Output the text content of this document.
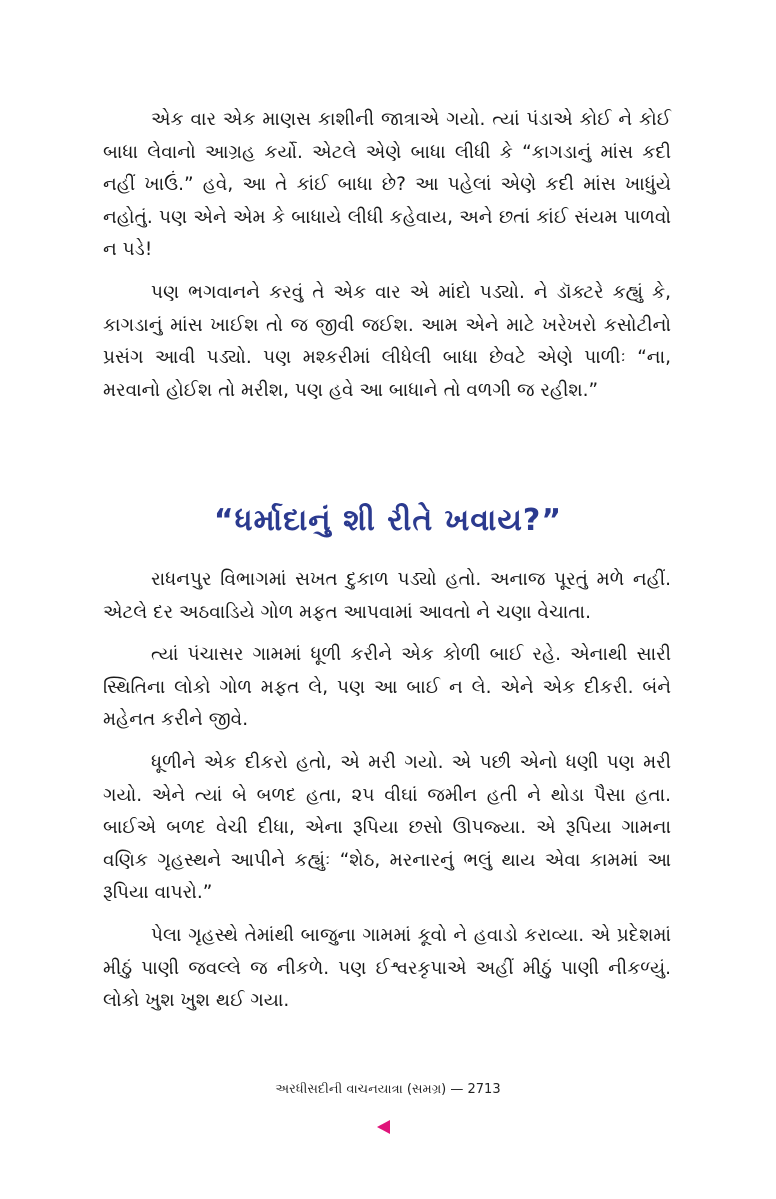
એક વાર એક માણસ કાશીની જાત્રાએ ગયો. ત્યાં પંડાએ કોઈ ને કોઈ બાધા લેવાનો આગ્રહ કર્યો. એટલે એણે બાધા લીધી કે “કાગડાનું માંસ કદી નહીં ખાઉં.” હવે, આ તે કાંઈ બાધા છે? આ પહેલાં એણે કદી માંસ ખાધુંયે નહોતું. પણ એને એમ કે બાધાયે લીધી કહેવાય, અને છતાં કાંઈ સંયમ પાળવો ન પડે!

પણ ભગવાનને કરવું તે એક વાર એ માંદો પડ્યો. ને ડૉક્ટરે કહ્યું કે, કાગડાનું માંસ ખાઈશ તો જ જીવી જઈશ. આમ એને માટે ખરેખરો કસોટીનો પ્રસંગ આવી પડ્યો. પણ મશ્કરીમાં લીધેલી બાધા છેવટે એણે પાળીઃ “ના, મરવાનો હોઈશ તો મરીશ, પણ હવે આ બાધાને તો વળગી જ રહીશ.”

“ધર્માદાનું શી રીતે ખવાય?”

રાધનપુર વિભાગમાં સખત દુકાળ પડ્યો હતો. અનાજ પૂરતું મળે નહીં. એટલે દર અઠવાડિયે ગોળ મફત આપવામાં આવતો ને ચણા વેચાતા.

ત્યાં પંચાસર ગામમાં ધૂળી કરીને એક કોળી બાઈ રહે. એનાથી સારી સ્થિતિના લોકો ગોળ મફત લે, પણ આ બાઈ ન લે. એને એક દીકરી. બંને મહેનત કરીને જીવે.

ધૂળીને એક દીકરો હતો, એ મરી ગયો. એ પછી એનો ધણી પણ મરી ગયો. એને ત્યાં બે બળદ હતા, ૨૫ વીઘાં જમીન હતી ને થોડા પૈસા હતા. બાઈએ બળદ વેચી દીધા, એના રૂપિયા છસો ઊપજ્યા. એ રૂપિયા ગામના વણિક ગૃહસ્થને આપીને કહ્યુંઃ “શેઠ, મરનારનું ભલું થાય એવા કામમાં આ રૂપિયા વાપરો.”

પેલા ગૃહસ્થે તેમાંથી બાજુના ગામમાં કૂવો ને હવાડો કરાવ્યા. એ પ્રદેશમાં મીઠું પાણી જવલ્લે જ નીકળે. પણ ઈશ્વરકૃપાએ અહીં મીઠું પાણી નીકળ્યું. લોકો ખુશ ખુશ થઈ ગયા.

અરધીસદીની વાચનયાત્રા (સમગ્ર) — 2713
